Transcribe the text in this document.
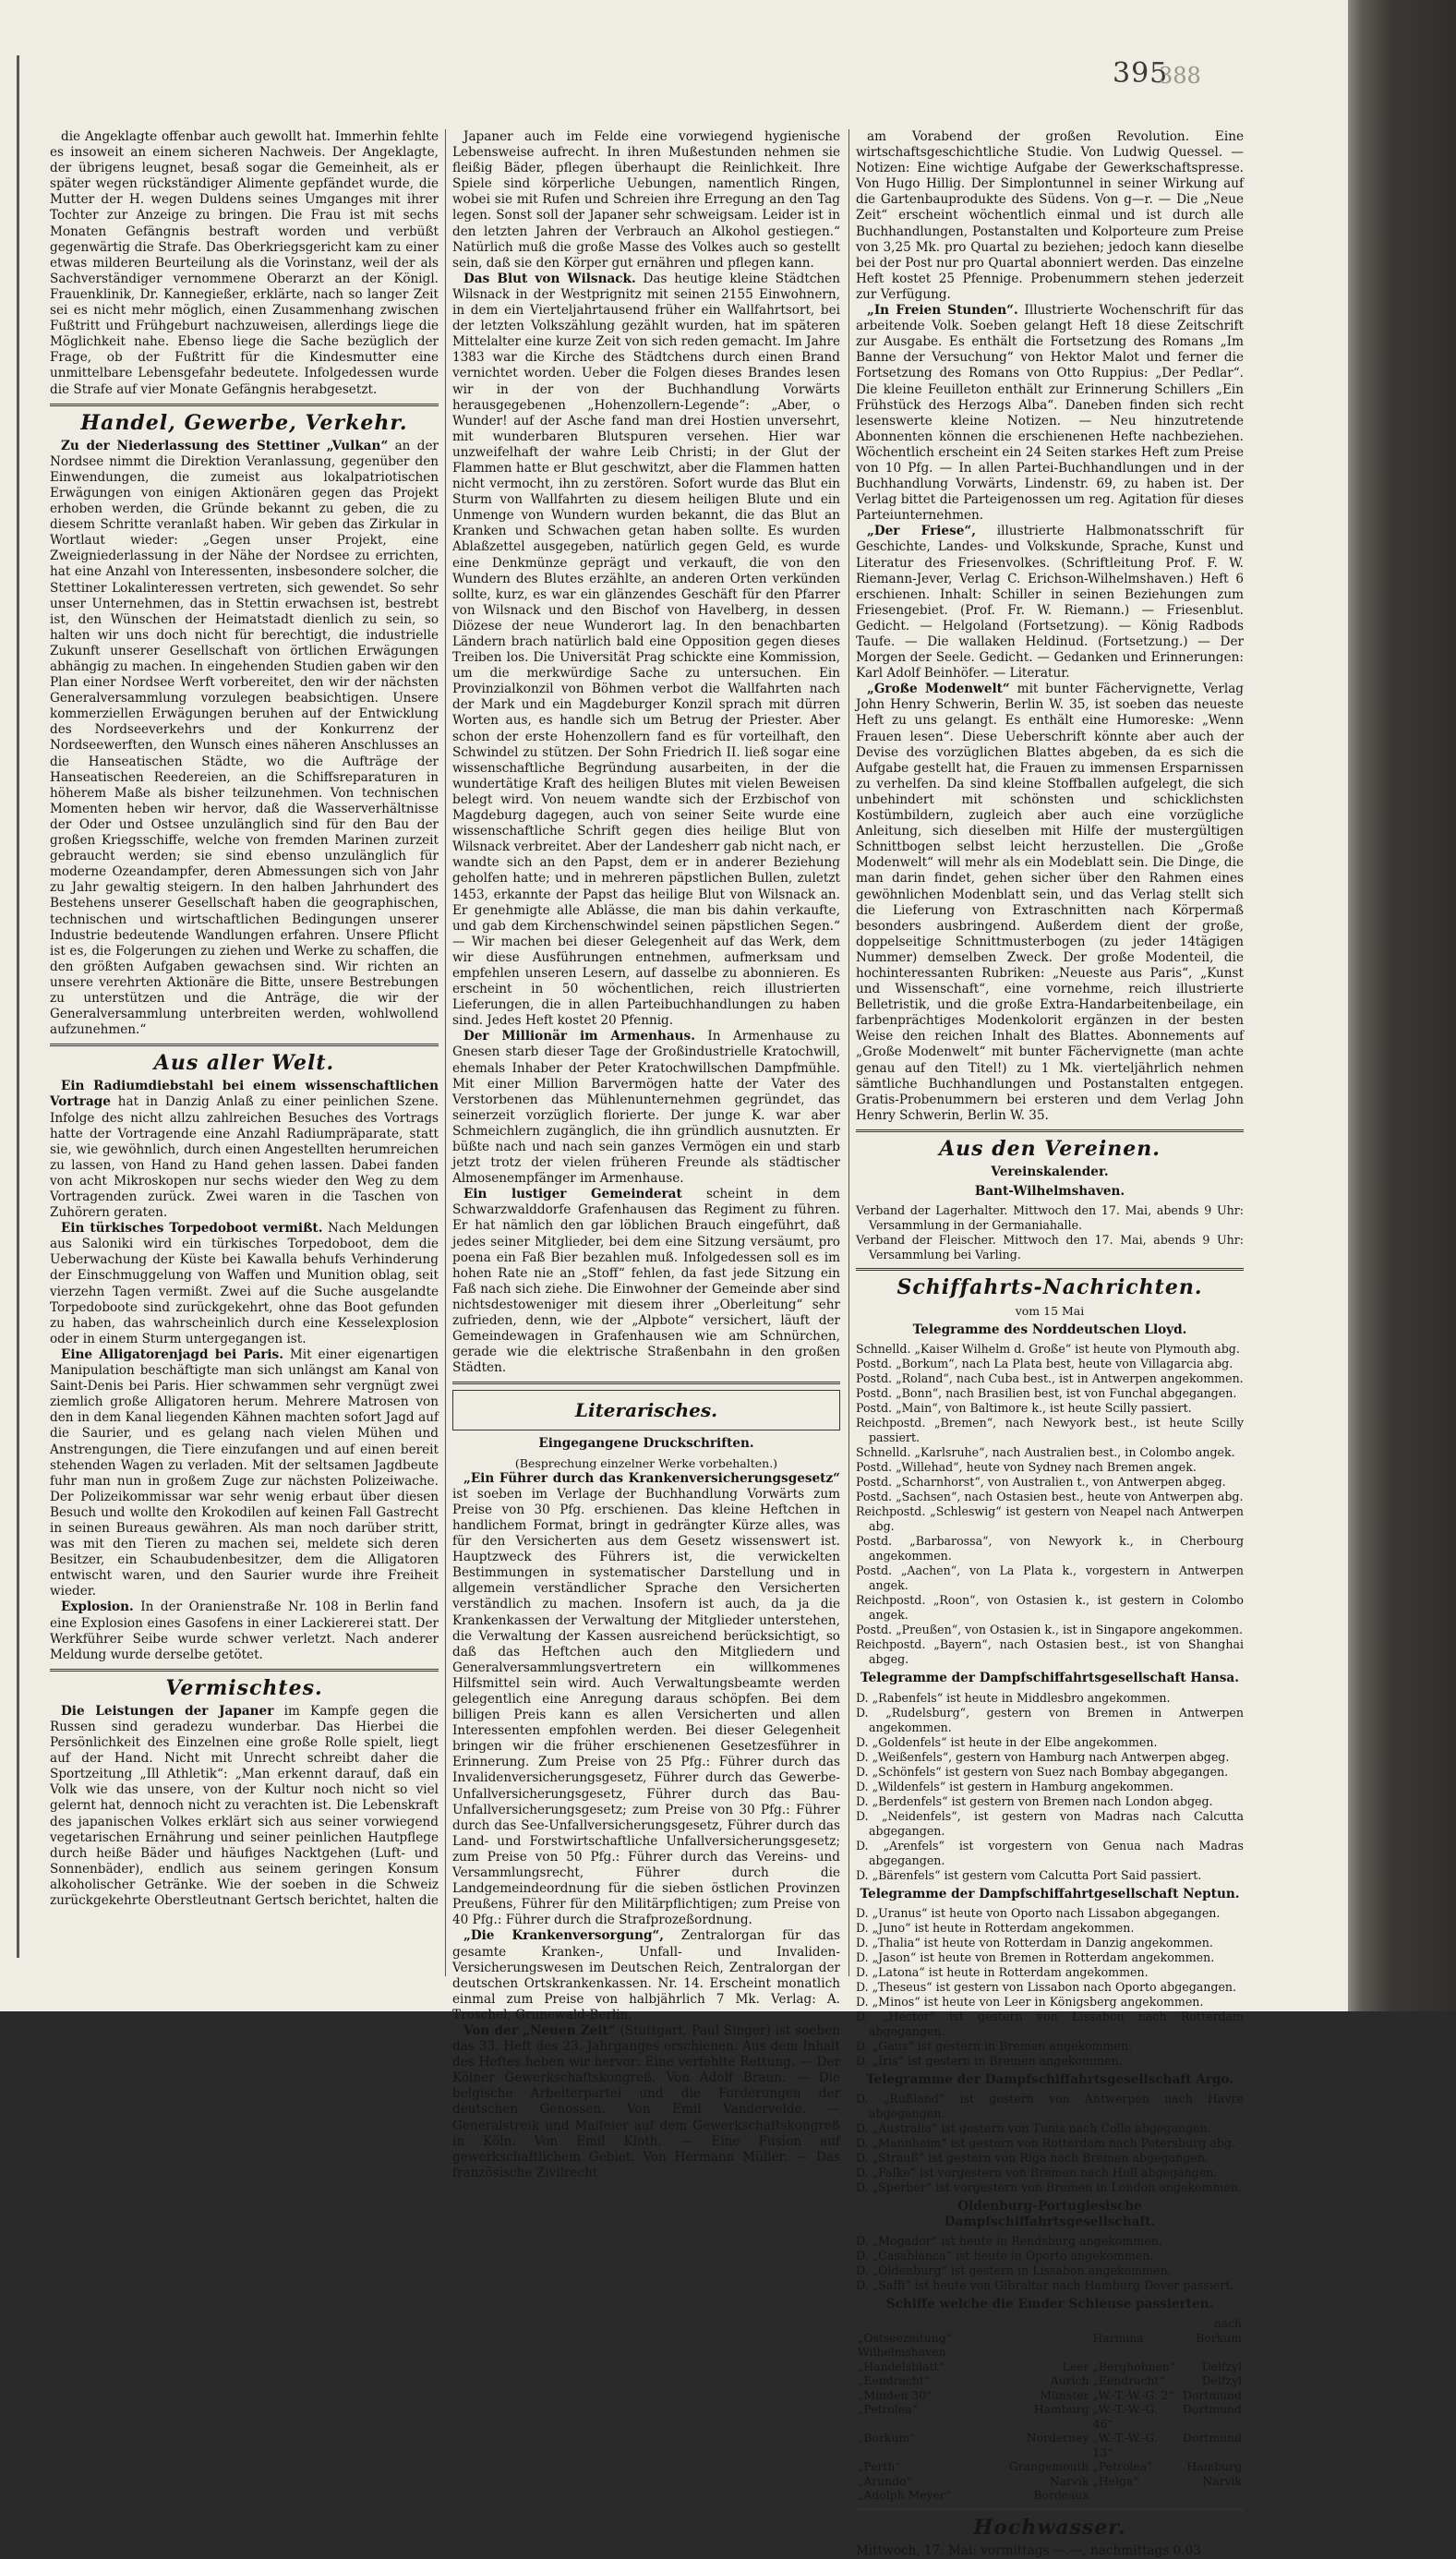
395
388

die Angeklagte offenbar auch gewollt hat. Immerhin fehlte es insoweit an einem sicheren Nachweis. Der Angeklagte, der übrigens leugnet, besaß sogar die Gemeinheit, als er später wegen rückständiger Alimente gepfändet wurde, die Mutter der H. wegen Duldens seines Umganges mit ihrer Tochter zur Anzeige zu bringen. Die Frau ist mit sechs Monaten Gefängnis bestraft worden und verbüßt gegenwärtig die Strafe. Das Oberkriegsgericht kam zu einer etwas milderen Beurteilung als die Vorinstanz, weil der als Sachverständiger vernommene Oberarzt an der Königl. Frauenklinik, Dr. Kannegießer, erklärte, nach so langer Zeit sei es nicht mehr möglich, einen Zusammenhang zwischen Fußtritt und Frühgeburt nachzuweisen, allerdings liege die Möglichkeit nahe. Ebenso liege die Sache bezüglich der Frage, ob der Fußtritt für die Kindesmutter eine unmittelbare Lebensgefahr bedeutete. Infolgedessen wurde die Strafe auf vier Monate Gefängnis herabgesetzt.

Handel, Gewerbe, Verkehr.

Zu der Niederlassung des Stettiner „Vulkan“ an der Nordsee nimmt die Direktion Veranlassung, gegenüber den Einwendungen, die zumeist aus lokalpatriotischen Erwägungen von einigen Aktionären gegen das Projekt erhoben werden, die Gründe bekannt zu geben, die zu diesem Schritte veranlaßt haben. Wir geben das Zirkular in Wortlaut wieder: „Gegen unser Projekt, eine Zweigniederlassung in der Nähe der Nordsee zu errichten, hat eine Anzahl von Interessenten, insbesondere solcher, die Stettiner Lokalinteressen vertreten, sich gewendet. So sehr unser Unternehmen, das in Stettin erwachsen ist, bestrebt ist, den Wünschen der Heimatstadt dienlich zu sein, so halten wir uns doch nicht für berechtigt, die industrielle Zukunft unserer Gesellschaft von örtlichen Erwägungen abhängig zu machen. In eingehenden Studien gaben wir den Plan einer Nordsee Werft vorbereitet, den wir der nächsten Generalversammlung vorzulegen beabsichtigen. Unsere kommerziellen Erwägungen beruhen auf der Entwicklung des Nordseeverkehrs und der Konkurrenz der Nordseewerften, den Wunsch eines näheren Anschlusses an die Hanseatischen Städte, wo die Aufträge der Hanseatischen Reedereien, an die Schiffsreparaturen in höherem Maße als bisher teilzunehmen. Von technischen Momenten heben wir hervor, daß die Wasserverhältnisse der Oder und Ostsee unzulänglich sind für den Bau der großen Kriegsschiffe, welche von fremden Marinen zurzeit gebraucht werden; sie sind ebenso unzulänglich für moderne Ozeandampfer, deren Abmessungen sich von Jahr zu Jahr gewaltig steigern. In den halben Jahrhundert des Bestehens unserer Gesellschaft haben die geographischen, technischen und wirtschaftlichen Bedingungen unserer Industrie bedeutende Wandlungen erfahren. Unsere Pflicht ist es, die Folgerungen zu ziehen und Werke zu schaffen, die den größten Aufgaben gewachsen sind. Wir richten an unsere verehrten Aktionäre die Bitte, unsere Bestrebungen zu unterstützen und die Anträge, die wir der Generalversammlung unterbreiten werden, wohlwollend aufzunehmen.“

Aus aller Welt.

Ein Radiumdiebstahl bei einem wissenschaftlichen Vortrage hat in Danzig Anlaß zu einer peinlichen Szene. Infolge des nicht allzu zahlreichen Besuches des Vortrags hatte der Vortragende eine Anzahl Radiumpräparate, statt sie, wie gewöhnlich, durch einen Angestellten herumreichen zu lassen, von Hand zu Hand gehen lassen. Dabei fanden von acht Mikroskopen nur sechs wieder den Weg zu dem Vortragenden zurück. Zwei waren in die Taschen von Zuhörern geraten.

Ein türkisches Torpedoboot vermißt. Nach Meldungen aus Saloniki wird ein türkisches Torpedoboot, dem die Ueberwachung der Küste bei Kawalla behufs Verhinderung der Einschmuggelung von Waffen und Munition oblag, seit vierzehn Tagen vermißt. Zwei auf die Suche ausgelandte Torpedoboote sind zurückgekehrt, ohne das Boot gefunden zu haben, das wahrscheinlich durch eine Kesselexplosion oder in einem Sturm untergegangen ist.

Eine Alligatorenjagd bei Paris. Mit einer eigenartigen Manipulation beschäftigte man sich unlängst am Kanal von Saint-Denis bei Paris. Hier schwammen sehr vergnügt zwei ziemlich große Alligatoren herum. Mehrere Matrosen von den in dem Kanal liegenden Kähnen machten sofort Jagd auf die Saurier, und es gelang nach vielen Mühen und Anstrengungen, die Tiere einzufangen und auf einen bereit stehenden Wagen zu verladen. Mit der seltsamen Jagdbeute fuhr man nun in großem Zuge zur nächsten Polizeiwache. Der Polizeikommissar war sehr wenig erbaut über diesen Besuch und wollte den Krokodilen auf keinen Fall Gastrecht in seinen Bureaus gewähren. Als man noch darüber stritt, was mit den Tieren zu machen sei, meldete sich deren Besitzer, ein Schaubudenbesitzer, dem die Alligatoren entwischt waren, und den Saurier wurde ihre Freiheit wieder.

Explosion. In der Oranienstraße Nr. 108 in Berlin fand eine Explosion eines Gasofens in einer Lackiererei statt. Der Werkführer Seibe wurde schwer verletzt. Nach anderer Meldung wurde derselbe getötet.

Vermischtes.

Die Leistungen der Japaner im Kampfe gegen die Russen sind geradezu wunderbar. Das Hierbei die Persönlichkeit des Einzelnen eine große Rolle spielt, liegt auf der Hand. Nicht mit Unrecht schreibt daher die Sportzeitung „Ill Athletik“: „Man erkennt darauf, daß ein Volk wie das unsere, von der Kultur noch nicht so viel gelernt hat, dennoch nicht zu verachten ist. Die Lebenskraft des japanischen Volkes erklärt sich aus seiner vorwiegend vegetarischen Ernährung und seiner peinlichen Hautpflege durch heiße Bäder und häufiges Nacktgehen (Luft- und Sonnenbäder), endlich aus seinem geringen Konsum alkoholischer Getränke. Wie der soeben in die Schweiz zurückgekehrte Oberstleutnant Gertsch berichtet, halten die

Japaner auch im Felde eine vorwiegend hygienische Lebensweise aufrecht. In ihren Mußestunden nehmen sie fleißig Bäder, pflegen überhaupt die Reinlichkeit. Ihre Spiele sind körperliche Uebungen, namentlich Ringen, wobei sie mit Rufen und Schreien ihre Erregung an den Tag legen. Sonst soll der Japaner sehr schweigsam. Leider ist in den letzten Jahren der Verbrauch an Alkohol gestiegen.“ Natürlich muß die große Masse des Volkes auch so gestellt sein, daß sie den Körper gut ernähren und pflegen kann.

Das Blut von Wilsnack. Das heutige kleine Städtchen Wilsnack in der Westprignitz mit seinen 2155 Einwohnern, in dem ein Vierteljahrtausend früher ein Wallfahrtsort, bei der letzten Volkszählung gezählt wurden, hat im späteren Mittelalter eine kurze Zeit von sich reden gemacht. Im Jahre 1383 war die Kirche des Städtchens durch einen Brand vernichtet worden. Ueber die Folgen dieses Brandes lesen wir in der von der Buchhandlung Vorwärts herausgegebenen „Hohenzollern-Legende“: „Aber, o Wunder! auf der Asche fand man drei Hostien unversehrt, mit wunderbaren Blutspuren versehen. Hier war unzweifelhaft der wahre Leib Christi; in der Glut der Flammen hatte er Blut geschwitzt, aber die Flammen hatten nicht vermocht, ihn zu zerstören. Sofort wurde das Blut ein Sturm von Wallfahrten zu diesem heiligen Blute und ein Unmenge von Wundern wurden bekannt, die das Blut an Kranken und Schwachen getan haben sollte. Es wurden Ablaßzettel ausgegeben, natürlich gegen Geld, es wurde eine Denkmünze geprägt und verkauft, die von den Wundern des Blutes erzählte, an anderen Orten verkünden sollte, kurz, es war ein glänzendes Geschäft für den Pfarrer von Wilsnack und den Bischof von Havelberg, in dessen Diözese der neue Wunderort lag. In den benachbarten Ländern brach natürlich bald eine Opposition gegen dieses Treiben los. Die Universität Prag schickte eine Kommission, um die merkwürdige Sache zu untersuchen. Ein Provinzialkonzil von Böhmen verbot die Wallfahrten nach der Mark und ein Magdeburger Konzil sprach mit dürren Worten aus, es handle sich um Betrug der Priester. Aber schon der erste Hohenzollern fand es für vorteilhaft, den Schwindel zu stützen. Der Sohn Friedrich II. ließ sogar eine wissenschaftliche Begründung ausarbeiten, in der die wundertätige Kraft des heiligen Blutes mit vielen Beweisen belegt wird. Von neuem wandte sich der Erzbischof von Magdeburg dagegen, auch von seiner Seite wurde eine wissenschaftliche Schrift gegen dies heilige Blut von Wilsnack verbreitet. Aber der Landesherr gab nicht nach, er wandte sich an den Papst, dem er in anderer Beziehung geholfen hatte; und in mehreren päpstlichen Bullen, zuletzt 1453, erkannte der Papst das heilige Blut von Wilsnack an. Er genehmigte alle Ablässe, die man bis dahin verkaufte, und gab dem Kirchenschwindel seinen päpstlichen Segen.“ — Wir machen bei dieser Gelegenheit auf das Werk, dem wir diese Ausführungen entnehmen, aufmerksam und empfehlen unseren Lesern, auf dasselbe zu abonnieren. Es erscheint in 50 wöchentlichen, reich illustrierten Lieferungen, die in allen Parteibuchhandlungen zu haben sind. Jedes Heft kostet 20 Pfennig.

Der Millionär im Armenhaus. In Armenhause zu Gnesen starb dieser Tage der Großindustrielle Kratochwill, ehemals Inhaber der Peter Kratochwillschen Dampfmühle. Mit einer Million Barvermögen hatte der Vater des Verstorbenen das Mühlenunternehmen gegründet, das seinerzeit vorzüglich florierte. Der junge K. war aber Schmeichlern zugänglich, die ihn gründlich ausnutzten. Er büßte nach und nach sein ganzes Vermögen ein und starb jetzt trotz der vielen früheren Freunde als städtischer Almosenempfänger im Armenhause.

Ein lustiger Gemeinderat scheint in dem Schwarzwalddorfe Grafenhausen das Regiment zu führen. Er hat nämlich den gar löblichen Brauch eingeführt, daß jedes seiner Mitglieder, bei dem eine Sitzung versäumt, pro poena ein Faß Bier bezahlen muß. Infolgedessen soll es im hohen Rate nie an „Stoff“ fehlen, da fast jede Sitzung ein Faß nach sich ziehe. Die Einwohner der Gemeinde aber sind nichtsdestoweniger mit diesem ihrer „Oberleitung“ sehr zufrieden, denn, wie der „Alpbote“ versichert, läuft der Gemeindewagen in Grafenhausen wie am Schnürchen, gerade wie die elektrische Straßenbahn in den großen Städten.

Literarisches.
Eingegangene Druckschriften.
(Besprechung einzelner Werke vorbehalten.)

„Ein Führer durch das Krankenversicherungsgesetz“ ist soeben im Verlage der Buchhandlung Vorwärts zum Preise von 30 Pfg. erschienen. Das kleine Heftchen in handlichem Format, bringt in gedrängter Kürze alles, was für den Versicherten aus dem Gesetz wissenswert ist. Hauptzweck des Führers ist, die verwickelten Bestimmungen in systematischer Darstellung und in allgemein verständlicher Sprache den Versicherten verständlich zu machen. Insofern ist auch, da ja die Krankenkassen der Verwaltung der Mitglieder unterstehen, die Verwaltung der Kassen ausreichend berücksichtigt, so daß das Heftchen auch den Mitgliedern und Generalversammlungsvertretern ein willkommenes Hilfsmittel sein wird. Auch Verwaltungsbeamte werden gelegentlich eine Anregung daraus schöpfen. Bei dem billigen Preis kann es allen Versicherten und allen Interessenten empfohlen werden. Bei dieser Gelegenheit bringen wir die früher erschienenen Gesetzesführer in Erinnerung. Zum Preise von 25 Pfg.: Führer durch das Invalidenversicherungsgesetz, Führer durch das Gewerbe-Unfallversicherungsgesetz, Führer durch das Bau-Unfallversicherungsgesetz; zum Preise von 30 Pfg.: Führer durch das See-Unfallversicherungsgesetz, Führer durch das Land- und Forstwirtschaftliche Unfallversicherungsgesetz; zum Preise von 50 Pfg.: Führer durch das Vereins- und Versammlungsrecht, Führer durch die Landgemeindeordnung für die sieben östlichen Provinzen Preußens, Führer für den Militärpflichtigen; zum Preise von 40 Pfg.: Führer durch die Strafprozeßordnung.

„Die Krankenversorgung“, Zentralorgan für das gesamte Kranken-, Unfall- und Invaliden-Versicherungswesen im Deutschen Reich, Zentralorgan der deutschen Ortskrankenkassen. Nr. 14. Erscheint monatlich einmal zum Preise von halbjährlich 7 Mk. Verlag: A. Troschel, Grunewald-Berlin.

Von der „Neuen Zeit“ (Stuttgart, Paul Singer) ist soeben das 33. Heft des 23. Jahrganges erschienen. Aus dem Inhalt des Heftes heben wir hervor: Eine verfehlte Rettung. — Der Kölner Gewerkschaftskongreß. Von Adolf Braun. — Die belgische Arbeiterpartei und die Forderungen der deutschen Genossen. Von Emil Vandervelde. — Generalstreik und Maifeier auf dem Gewerkschaftskongreß in Köln. Von Emil Kloth. — Eine Fusion auf gewerkschaftlichem Gebiet. Von Hermann Müller. — Das französische Zivilrecht

am Vorabend der großen Revolution. Eine wirtschaftsgeschichtliche Studie. Von Ludwig Quessel. — Notizen: Eine wichtige Aufgabe der Gewerkschaftspresse. Von Hugo Hillig. Der Simplontunnel in seiner Wirkung auf die Gartenbauprodukte des Südens. Von g—r. — Die „Neue Zeit“ erscheint wöchentlich einmal und ist durch alle Buchhandlungen, Postanstalten und Kolporteure zum Preise von 3,25 Mk. pro Quartal zu beziehen; jedoch kann dieselbe bei der Post nur pro Quartal abonniert werden. Das einzelne Heft kostet 25 Pfennige. Probenummern stehen jederzeit zur Verfügung.

„In Freien Stunden“. Illustrierte Wochenschrift für das arbeitende Volk. Soeben gelangt Heft 18 diese Zeitschrift zur Ausgabe. Es enthält die Fortsetzung des Romans „Im Banne der Versuchung“ von Hektor Malot und ferner die Fortsetzung des Romans von Otto Ruppius: „Der Pedlar“. Die kleine Feuilleton enthält zur Erinnerung Schillers „Ein Frühstück des Herzogs Alba“. Daneben finden sich recht lesenswerte kleine Notizen. — Neu hinzutretende Abonnenten können die erschienenen Hefte nachbeziehen. Wöchentlich erscheint ein 24 Seiten starkes Heft zum Preise von 10 Pfg. — In allen Partei-Buchhandlungen und in der Buchhandlung Vorwärts, Lindenstr. 69, zu haben ist. Der Verlag bittet die Parteigenossen um reg. Agitation für dieses Parteiunternehmen.

„Der Friese“, illustrierte Halbmonatsschrift für Geschichte, Landes- und Volkskunde, Sprache, Kunst und Literatur des Friesenvolkes. (Schriftleitung Prof. F. W. Riemann-Jever, Verlag C. Erichson-Wilhelmshaven.) Heft 6 erschienen. Inhalt: Schiller in seinen Beziehungen zum Friesengebiet. (Prof. Fr. W. Riemann.) — Friesenblut. Gedicht. — Helgoland (Fortsetzung). — König Radbods Taufe. — Die wallaken Heldinud. (Fortsetzung.) — Der Morgen der Seele. Gedicht. — Gedanken und Erinnerungen: Karl Adolf Beinhöfer. — Literatur.

„Große Modenwelt“ mit bunter Fächervignette, Verlag John Henry Schwerin, Berlin W. 35, ist soeben das neueste Heft zu uns gelangt. Es enthält eine Humoreske: „Wenn Frauen lesen“. Diese Ueberschrift könnte aber auch der Devise des vorzüglichen Blattes abgeben, da es sich die Aufgabe gestellt hat, die Frauen zu immensen Ersparnissen zu verhelfen. Da sind kleine Stoffballen aufgelegt, die sich unbehindert mit schönsten und schicklichsten Kostümbildern, zugleich aber auch eine vorzügliche Anleitung, sich dieselben mit Hilfe der mustergültigen Schnittbogen selbst leicht herzustellen. Die „Große Modenwelt“ will mehr als ein Modeblatt sein. Die Dinge, die man darin findet, gehen sicher über den Rahmen eines gewöhnlichen Modenblatt sein, und das Verlag stellt sich die Lieferung von Extraschnitten nach Körpermaß besonders ausbringend. Außerdem dient der große, doppelseitige Schnittmusterbogen (zu jeder 14tägigen Nummer) demselben Zweck. Der große Modenteil, die hochinteressanten Rubriken: „Neueste aus Paris“, „Kunst und Wissenschaft“, eine vornehme, reich illustrierte Belletristik, und die große Extra-Handarbeitenbeilage, ein farbenprächtiges Modenkolorit ergänzen in der besten Weise den reichen Inhalt des Blattes. Abonnements auf „Große Modenwelt“ mit bunter Fächervignette (man achte genau auf den Titel!) zu 1 Mk. vierteljährlich nehmen sämtliche Buchhandlungen und Postanstalten entgegen. Gratis-Probenummern bei ersteren und dem Verlag John Henry Schwerin, Berlin W. 35.

Aus den Vereinen.
Vereinskalender.
Bant-Wilhelmshaven.
Verband der Lagerhalter. Mittwoch den 17. Mai, abends 9 Uhr: Versammlung in der Germaniahalle.
Verband der Fleischer. Mittwoch den 17. Mai, abends 9 Uhr: Versammlung bei Varling.
Schiffahrts-Nachrichten.
vom 15 Mai
Telegramme des Norddeutschen Lloyd.
Schnelld. „Kaiser Wilhelm d. Große“ ist heute von Plymouth abg.
Postd. „Borkum“, nach La Plata best, heute von Villagarcia abg.
Postd. „Roland“, nach Cuba best., ist in Antwerpen angekommen.
Postd. „Bonn“, nach Brasilien best, ist von Funchal abgegangen.
Postd. „Main“, von Baltimore k., ist heute Scilly passiert.
Reichpostd. „Bremen“, nach Newyork best., ist heute Scilly passiert.
Schnelld. „Karlsruhe“, nach Australien best., in Colombo angek.
Postd. „Willehad“, heute von Sydney nach Bremen angek.
Postd. „Scharnhorst“, von Australien t., von Antwerpen abgeg.
Postd. „Sachsen“, nach Ostasien best., heute von Antwerpen abg.
Reichpostd. „Schleswig“ ist gestern von Neapel nach Antwerpen abg.
Postd. „Barbarossa“, von Newyork k., in Cherbourg angekommen.
Postd. „Aachen“, von La Plata k., vorgestern in Antwerpen angek.
Reichpostd. „Roon“, von Ostasien k., ist gestern in Colombo angek.
Postd. „Preußen“, von Ostasien k., ist in Singapore angekommen.
Reichpostd. „Bayern“, nach Ostasien best., ist von Shanghai abgeg.
Telegramme der Dampfschiffahrtsgesellschaft Hansa.
D. „Rabenfels“ ist heute in Middlesbro angekommen.
D. „Rudelsburg“, gestern von Bremen in Antwerpen angekommen.
D. „Goldenfels“ ist heute in der Elbe angekommen.
D. „Weißenfels“, gestern von Hamburg nach Antwerpen abgeg.
D. „Schönfels“ ist gestern von Suez nach Bombay abgegangen.
D. „Wildenfels“ ist gestern in Hamburg angekommen.
D. „Berdenfels“ ist gestern von Bremen nach London abgeg.
D. „Neidenfels“, ist gestern von Madras nach Calcutta abgegangen.
D. „Arenfels“ ist vorgestern von Genua nach Madras abgegangen.
D. „Bärenfels“ ist gestern vom Calcutta Port Said passiert.
Telegramme der Dampfschiffahrtgesellschaft Neptun.
D. „Uranus“ ist heute von Oporto nach Lissabon abgegangen.
D. „Juno“ ist heute in Rotterdam angekommen.
D. „Thalia“ ist heute von Rotterdam in Danzig angekommen.
D. „Jason“ ist heute von Bremen in Rotterdam angekommen.
D. „Latona“ ist heute in Rotterdam angekommen.
D. „Theseus“ ist gestern von Lissabon nach Oporto abgegangen.
D. „Minos“ ist heute von Leer in Königsberg angekommen.
D. „Hector“ ist gestern von Lissabon nach Rotterdam abgegangen.
D. „Gaus“ ist gestern in Bremen angekommen.
D. „Iris“ ist gestern in Bremen angekommen.
Telegramme der Dampfschiffahrtsgesellschaft Argo.
D. „Rußland“ ist gestern von Antwerpen nach Havre abgegangen.
D. „Australia“ ist gestern von Tunis nach Collo abgegangen.
D. „Mannheim“ ist gestern von Rotterdam nach Petersburg abg.
D. „Strauß“ ist gestern von Riga nach Bremen abgegangen.
D. „Falke“ ist vorgestern von Bremen nach Hull abgegangen.
D. „Sperber“ ist vorgestern von Bremen in London angekommen.
Oldenburg-Portugiesische Dampfschiffahrtsgesellschaft.
D. „Mogador“ ist heute in Rendsburg angekommen.
D. „Casablanca“ ist heute in Oporto angekommen.
D. „Oldenburg“ ist gestern in Lissabon angekommen.
D. „Saffi“ ist heute von Gibraltar nach Hamburg Dover passiert.
Schiffe welche die Emder Schleuse passierten.
			nach
„Ostseezeitung“ Wilhelmshaven		Harmina	Borkum
„Handelsblatt“	Leer	„Berghohnen“	Delfzyl
„Eendracht“	Aurich	„Eendracht“	Delfzyl
„Minden 30“	Münster	„W.-T.-W.-G. 2“	Dortmund
„Petroleа“	Hamburg	„W.-T.-W.-G. 46“	Dortmund
„Borkum“	Norderney	„W.-T.-W.-G. 13“	Dortmund
„Perth“	Grangemouth	„Petroleа“	Hamburg
„Arundo“	Narvik	„Helga“	Narvik
„Adolph Meyer“	Bordeaux		
Hochwasser.
Mittwoch, 17. Mai: vormittags —.—, nachmittags 0.03
